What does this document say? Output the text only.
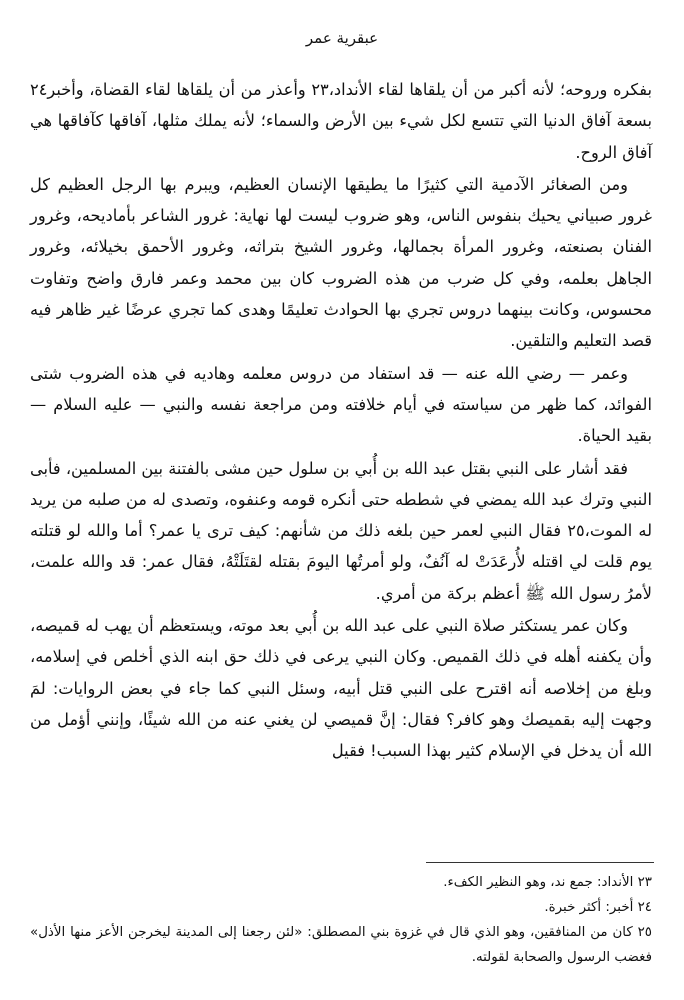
عبقرية عمر

بفكره وروحه؛ لأنه أكبر من أن يلقاها لقاء الأنداد،٢٣ وأعذر من أن يلقاها لقاء القضاة، وأخبر٢٤ بسعة آفاق الدنيا التي تتسع لكل شيء بين الأرض والسماء؛ لأنه يملك مثلها، آفاقها كآفاقها هي آفاق الروح.

ومن الصغائر الآدمية التي كثيرًا ما يطيقها الإنسان العظيم، ويبرم بها الرجل العظيم كل غرور صبياني يحيك بنفوس الناس، وهو ضروب ليست لها نهاية: غرور الشاعر بأماديحه، وغرور الفنان بصنعته، وغرور المرأة بجمالها، وغرور الشيخ بتراثه، وغرور الأحمق بخيلائه، وغرور الجاهل بعلمه، وفي كل ضرب من هذه الضروب كان بين محمد وعمر فارق واضح وتفاوت محسوس، وكانت بينهما دروس تجري بها الحوادث تعليمًا وهدى كما تجري عرضًا غير ظاهر فيه قصد التعليم والتلقين.

وعمر — رضي الله عنه — قد استفاد من دروس معلمه وهاديه في هذه الضروب شتى الفوائد، كما ظهر من سياسته في أيام خلافته ومن مراجعة نفسه والنبي — عليه السلام — بقيد الحياة.

فقد أشار على النبي بقتل عبد الله بن أُبي بن سلول حين مشى بالفتنة بين المسلمين، فأبى النبي وترك عبد الله يمضي في شططه حتى أنكره قومه وعنفوه، وتصدى له من صلبه من يريد له الموت،٢٥ فقال النبي لعمر حين بلغه ذلك من شأنهم: كيف ترى يا عمر؟ أما والله لو قتلته يوم قلت لي اقتله لأُرعَدَتْ له آنُفٌ، ولو أمرتُها اليومَ بقتله لقتَلَتْهُ، فقال عمر: قد والله علمت، لأمرُ رسول الله ﷺ أعظم بركة من أمري.

وكان عمر يستكثر صلاة النبي على عبد الله بن أُبي بعد موته، ويستعظم أن يهب له قميصه، وأن يكفنه أهله في ذلك القميص. وكان النبي يرعى في ذلك حق ابنه الذي أخلص في إسلامه، وبلغ من إخلاصه أنه اقترح على النبي قتل أبيه، وسئل النبي كما جاء في بعض الروايات: لمَ وجهت إليه بقميصك وهو كافر؟ فقال: إنَّ قميصي لن يغني عنه من الله شيئًا، وإنني أؤمل من الله أن يدخل في الإسلام كثير بهذا السبب! فقيل

٢٣ الأنداد: جمع ند، وهو النظير الكفء.

٢٤ أخبر: أكثر خبرة.

٢٥ كان من المنافقين، وهو الذي قال في غزوة بني المصطلق: «لئن رجعنا إلى المدينة ليخرجن الأعز منها الأذل» فغضب الرسول والصحابة لقولته.
